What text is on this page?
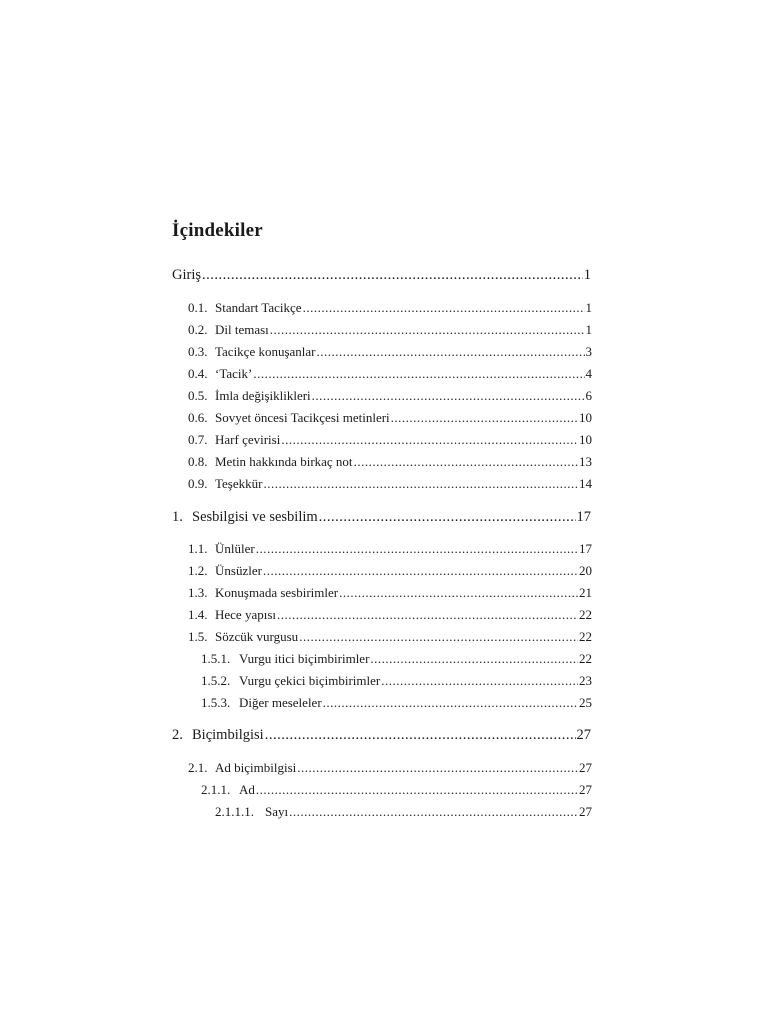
İçindekiler
Giriş .....	1
0.1. Standart Tacikçe .....	1
0.2. Dil teması .....	1
0.3. Tacikçe konuşanlar .....	3
0.4. ‘Tacik’ .....	4
0.5. İmla değişiklikleri .....	6
0.6. Sovyet öncesi Tacikçesi metinleri .....	10
0.7. Harf çevirisi .....	10
0.8. Metin hakkında birkaç not .....	13
0.9. Teşekkür .....	14
1. Sesbilgisi ve sesbilim .....	17
1.1. Ünlüler .....	17
1.2. Ünsüzler .....	20
1.3. Konuşmada sesbirimler .....	21
1.4. Hece yapısı .....	22
1.5. Sözcük vurgusu .....	22
1.5.1. Vurgu itici biçimbirimler .....	22
1.5.2. Vurgu çekici biçimbirimler .....	23
1.5.3. Diğer meseleler .....	25
2. Biçimbilgisi .....	27
2.1. Ad biçimbilgisi .....	27
2.1.1. Ad .....	27
2.1.1.1. Sayı .....	27
